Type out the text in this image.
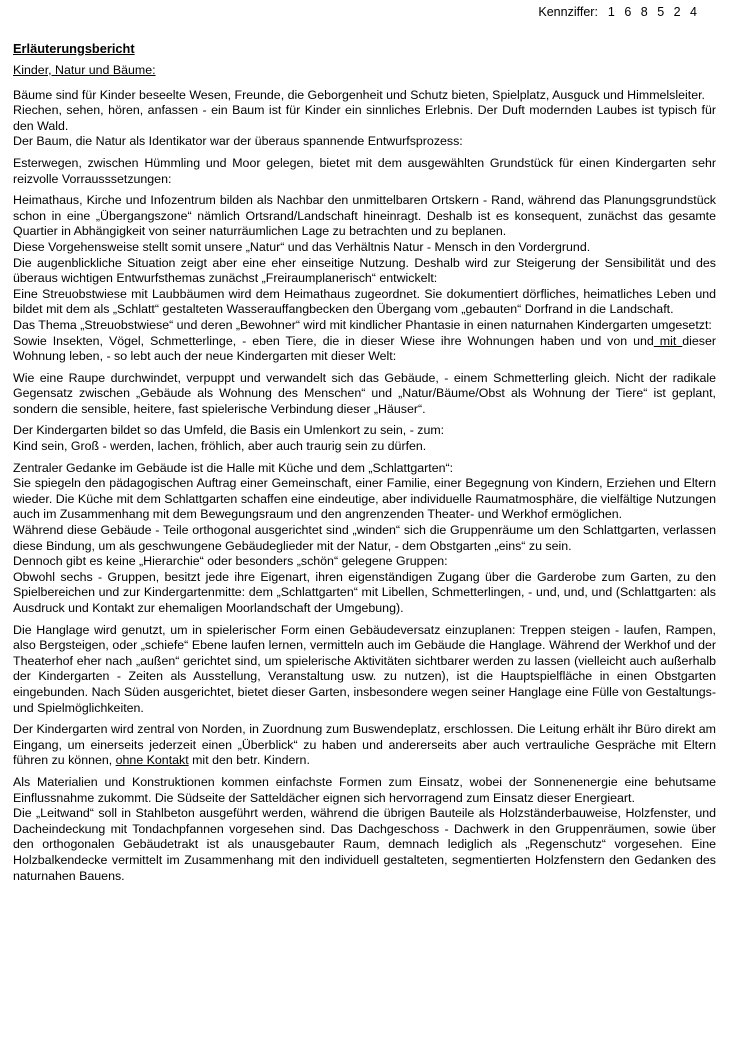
Kennziffer: 1 6 8 5 2 4
Erläuterungsbericht
Kinder, Natur und Bäume:

Bäume sind für Kinder beseelte Wesen, Freunde, die Geborgenheit und Schutz bieten, Spielplatz, Ausguck und Himmelsleiter.

Riechen, sehen, hören, anfassen - ein Baum ist für Kinder ein sinnliches Erlebnis. Der Duft modernden Laubes ist typisch für den Wald.

Der Baum, die Natur als Identikator war der überaus spannende Entwurfsprozess:

Esterwegen, zwischen Hümmling und Moor gelegen, bietet mit dem ausgewählten Grundstück für einen Kindergarten sehr reizvolle Vorrausssetzungen:

Heimathaus, Kirche und Infozentrum bilden als Nachbar den unmittelbaren Ortskern - Rand, während das Planungsgrundstück schon in eine „Übergangszone“ nämlich Ortsrand/Landschaft hineinragt. Deshalb ist es konsequent, zunächst das gesamte Quartier in Abhängigkeit von seiner naturräumlichen Lage zu betrachten und zu beplanen.

Diese Vorgehensweise stellt somit unsere „Natur“ und das Verhältnis Natur - Mensch in den Vordergrund.

Die augenblickliche Situation zeigt aber eine eher einseitige Nutzung. Deshalb wird zur Steigerung der Sensibilität und des überaus wichtigen Entwurfsthemas zunächst „Freiraumplanerisch“ entwickelt:

Eine Streuobstwiese mit Laubbäumen wird dem Heimathaus zugeordnet. Sie dokumentiert dörfliches, heimatliches Leben und bildet mit dem als „Schlatt“ gestalteten Wasserauffangbecken den Übergang vom „gebauten“ Dorfrand in die Landschaft.

Das Thema „Streuobstwiese“ und deren „Bewohner“ wird mit kindlicher Phantasie in einen naturnahen Kindergarten umgesetzt:

Sowie Insekten, Vögel, Schmetterlinge, - eben Tiere, die in dieser Wiese ihre Wohnungen haben und von und mit dieser Wohnung leben, - so lebt auch der neue Kindergarten mit dieser Welt:

Wie eine Raupe durchwindet, verpuppt und verwandelt sich das Gebäude, - einem Schmetterling gleich. Nicht der radikale Gegensatz zwischen „Gebäude als Wohnung des Menschen“ und „Natur/Bäume/Obst als Wohnung der Tiere“ ist geplant, sondern die sensible, heitere, fast spielerische Verbindung dieser „Häuser“.

Der Kindergarten bildet so das Umfeld, die Basis ein Umlenkort zu sein, - zum:

Kind sein, Groß - werden, lachen, fröhlich, aber auch traurig sein zu dürfen.

Zentraler Gedanke im Gebäude ist die Halle mit Küche und dem „Schlattgarten“:

Sie spiegeln den pädagogischen Auftrag einer Gemeinschaft, einer Familie, einer Begegnung von Kindern, Erziehen und Eltern wieder. Die Küche mit dem Schlattgarten schaffen eine eindeutige, aber individuelle Raumatmosphäre, die vielfältige Nutzungen auch im Zusammenhang mit dem Bewegungsraum und den angrenzenden Theater- und Werkhof ermöglichen.

Während diese Gebäude - Teile orthogonal ausgerichtet sind „winden“ sich die Gruppenräume um den Schlattgarten, verlassen diese Bindung, um als geschwungene Gebäudeglieder mit der Natur, - dem Obstgarten „eins“ zu sein.

Dennoch gibt es keine „Hierarchie“ oder besonders „schön“ gelegene Gruppen:

Obwohl sechs - Gruppen, besitzt jede ihre Eigenart, ihren eigenständigen Zugang über die Garderobe zum Garten, zu den Spielbereichen und zur Kindergartenmitte: dem „Schlattgarten“ mit Libellen, Schmetterlingen, - und, und, und (Schlattgarten: als Ausdruck und Kontakt zur ehemaligen Moorlandschaft der Umgebung).

Die Hanglage wird genutzt, um in spielerischer Form einen Gebäudeversatz einzuplanen: Treppen steigen - laufen, Rampen, also Bergsteigen, oder „schiefe“ Ebene laufen lernen, vermitteln auch im Gebäude die Hanglage. Während der Werkhof und der Theaterhof eher nach „außen“ gerichtet sind, um spielerische Aktivitäten sichtbarer werden zu lassen (vielleicht auch außerhalb der Kindergarten - Zeiten als Ausstellung, Veranstaltung usw. zu nutzen), ist die Hauptspielfläche in einen Obstgarten eingebunden. Nach Süden ausgerichtet, bietet dieser Garten, insbesondere wegen seiner Hanglage eine Fülle von Gestaltungs- und Spielmöglichkeiten.

Der Kindergarten wird zentral von Norden, in Zuordnung zum Buswendeplatz, erschlossen. Die Leitung erhält ihr Büro direkt am Eingang, um einerseits jederzeit einen „Überblick“ zu haben und andererseits aber auch vertrauliche Gespräche mit Eltern führen zu können, ohne Kontakt mit den betr. Kindern.

Als Materialien und Konstruktionen kommen einfachste Formen zum Einsatz, wobei der Sonnenenergie eine behutsame Einflussnahme zukommt. Die Südseite der Satteldächer eignen sich hervorragend zum Einsatz dieser Energieart.

Die „Leitwand“ soll in Stahlbeton ausgeführt werden, während die übrigen Bauteile als Holzständerbauweise, Holzfenster, und Dacheindeckung mit Tondachpfannen vorgesehen sind. Das Dachgeschoss - Dachwerk in den Gruppenräumen, sowie über den orthogonalen Gebäudetrakt ist als unausgebauter Raum, demnach lediglich als „Regenschutz“ vorgesehen. Eine Holzbalkendecke vermittelt im Zusammenhang mit den individuell gestalteten, segmentierten Holzfenstern den Gedanken des naturnahen Bauens.
